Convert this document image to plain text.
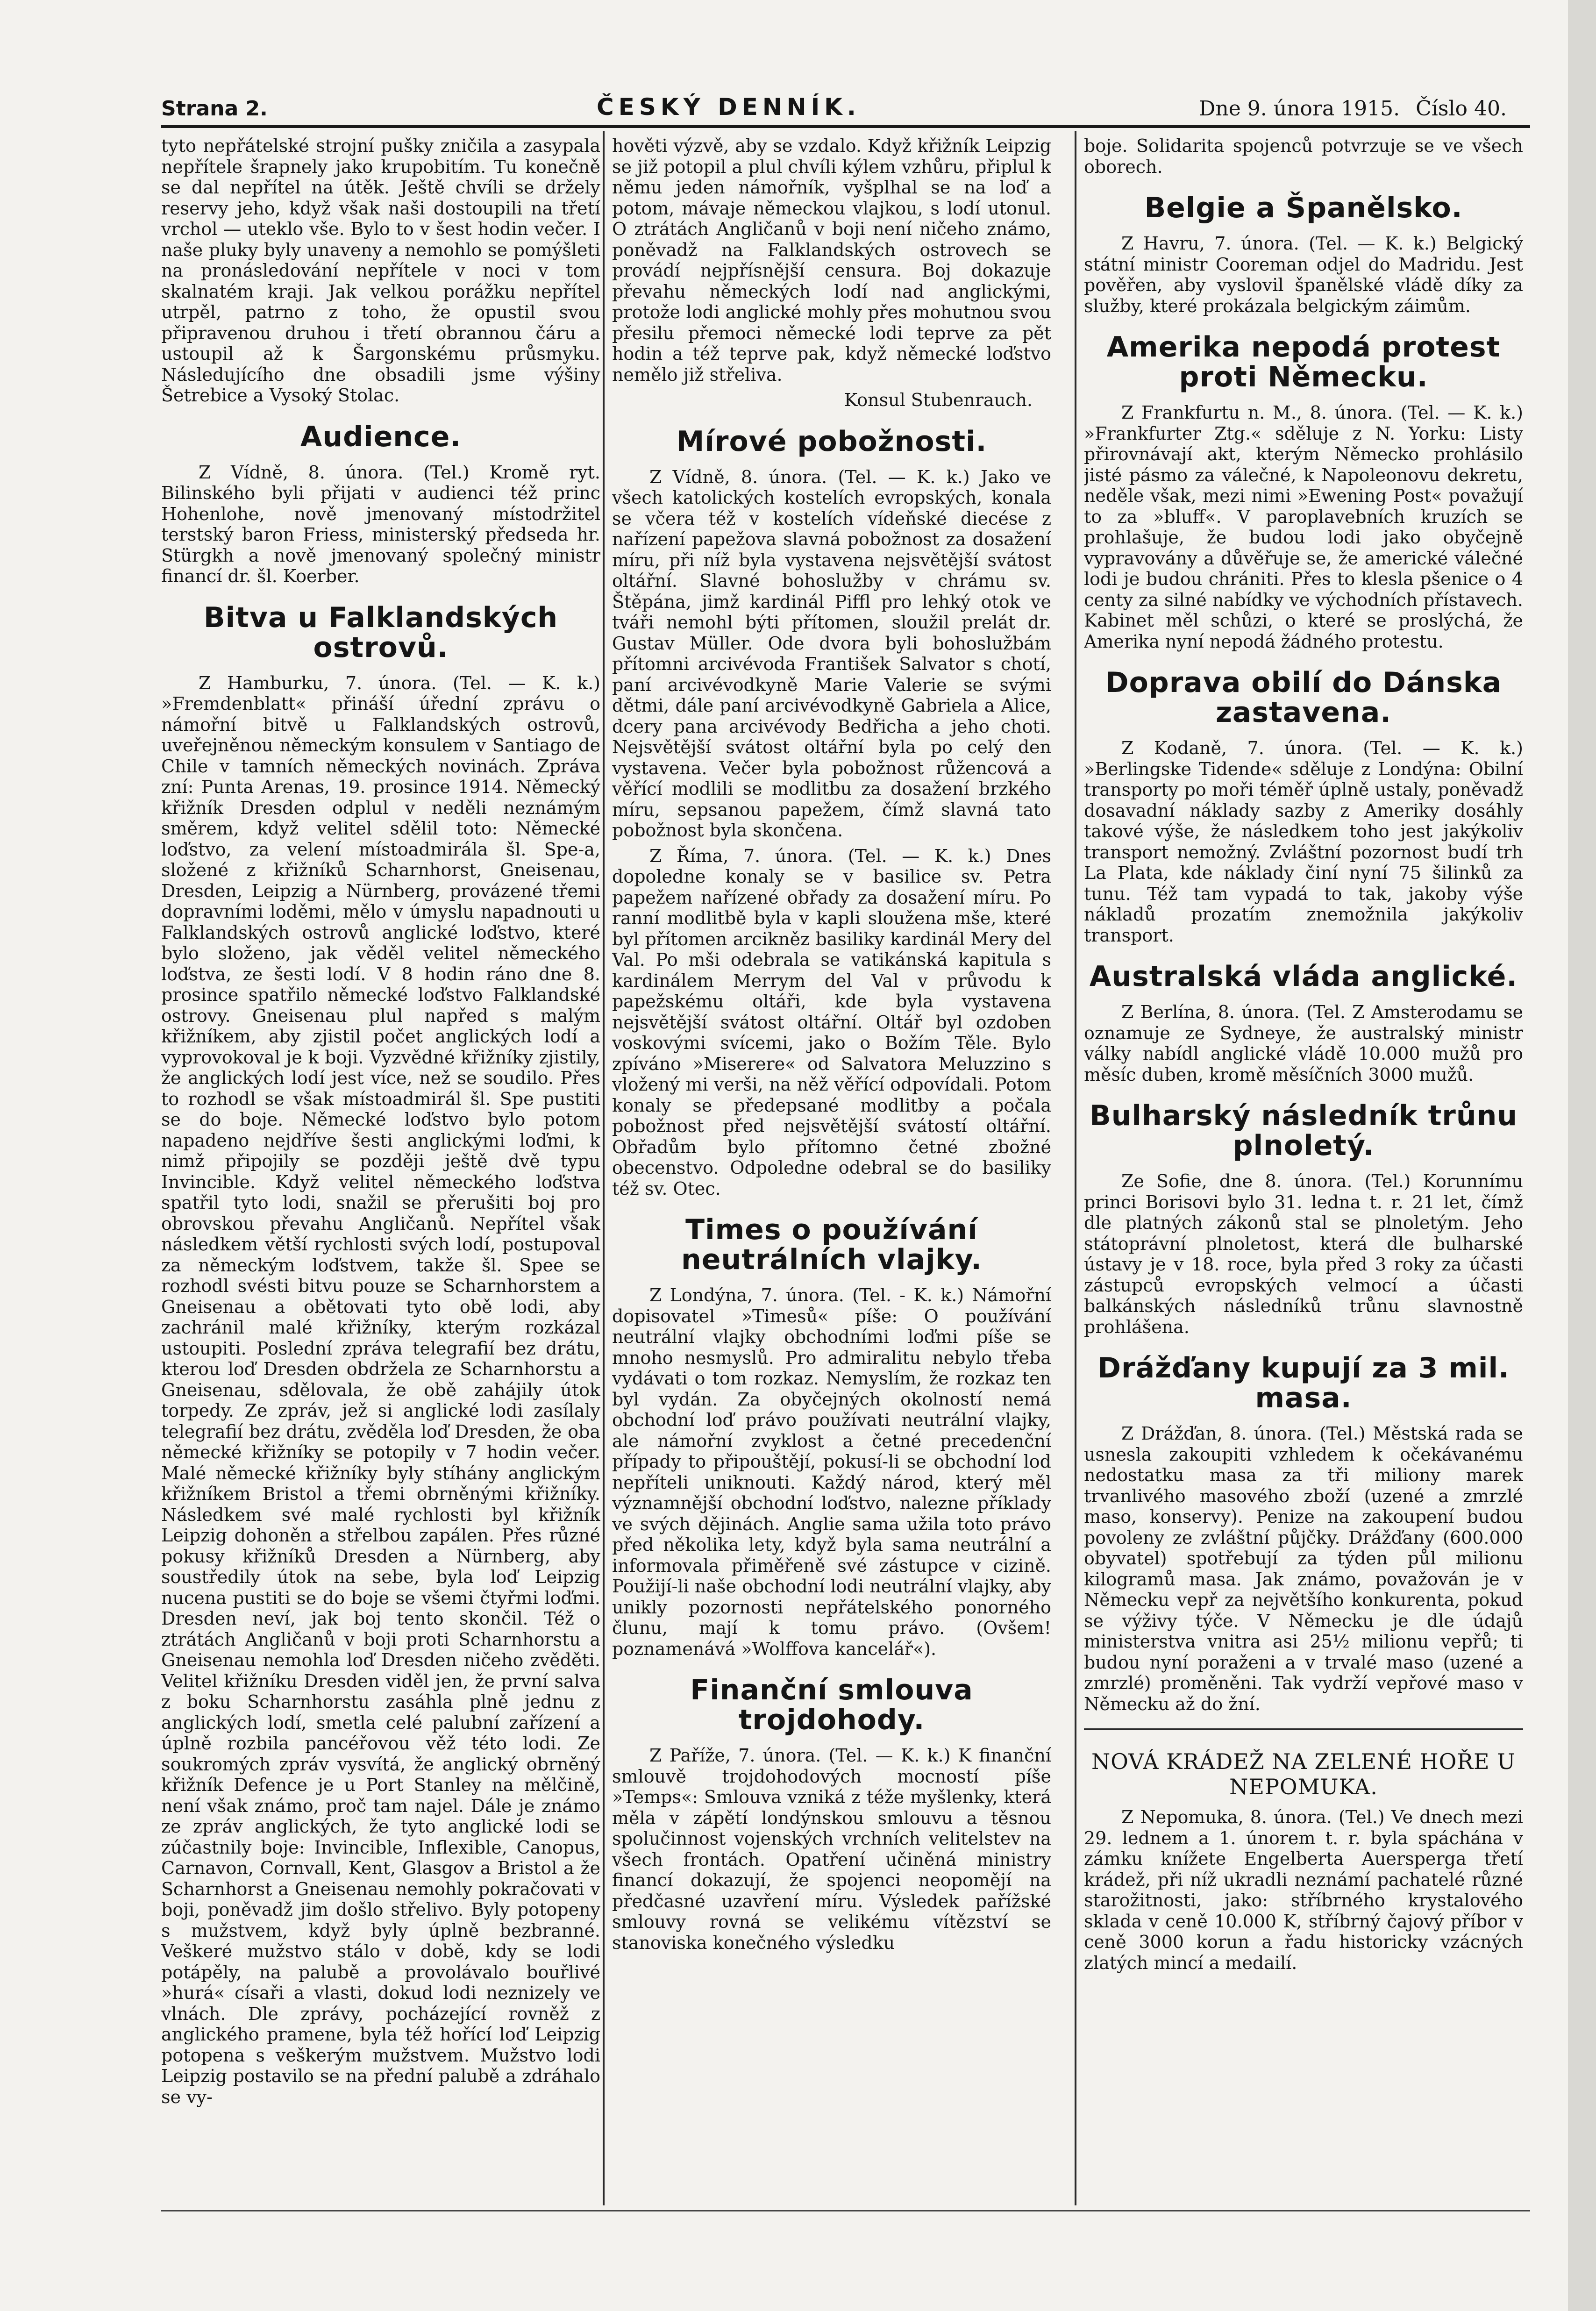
Strana 2.	ČESKÝ DENNÍK.	Dne 9. února 1915. Číslo 40.

tyto nepřátelské strojní pušky zničila a zasypala nepřítele šrapnely jako krupobitím. Tu konečně se dal nepřítel na útěk. Ještě chvíli se držely reservy jeho, když však naši dostoupili na třetí vrchol — uteklo vše. Bylo to v šest hodin večer. I naše pluky byly unaveny a nemohlo se pomýšleti na pronásledování nepřítele v noci v tom skalnatém kraji. Jak velkou porážku nepřítel utrpěl, patrno z toho, že opustil svou připravenou druhou i třetí obrannou čáru a ustoupil až k Šargonskému průsmyku. Následujícího dne obsadili jsme výšiny Šetrebice a Vysoký Stolac.

Audience.

Z Vídně, 8. února. (Tel.) Kromě ryt. Bilinského byli přijati v audienci též princ Hohenlohe, nově jmenovaný místodržitel terstský baron Friess, ministerský předseda hr. Stürgkh a nově jmenovaný společný ministr financí dr. šl. Koerber.

Bitva u Falklandských ostrovů.

Z Hamburku, 7. února. (Tel. — K. k.) »Fremdenblatt« přináší úřední zprávu o námořní bitvě u Falklandských ostrovů, uveřejněnou německým konsulem v Santiago de Chile v tamních německých novinách. Zpráva zní: Punta Arenas, 19. prosince 1914. Německý křižník Dresden odplul v neděli neznámým směrem, když velitel sdělil toto: Německé loďstvo, za velení místoadmirála šl. Spe-a, složené z křižníků Scharnhorst, Gneisenau, Dresden, Leipzig a Nürnberg, provázené třemi dopravními loděmi, mělo v úmyslu napadnouti u Falklandských ostrovů anglické loďstvo, které bylo složeno, jak věděl velitel německého loďstva, ze šesti lodí. V 8 hodin ráno dne 8. prosince spatřilo německé loďstvo Falklandské ostrovy. Gneisenau plul napřed s malým křižníkem, aby zjistil počet anglických lodí a vyprovokoval je k boji. Vyzvědné křižníky zjistily, že anglických lodí jest více, než se soudilo. Přes to rozhodl se však místoadmirál šl. Spe pustiti se do boje. Německé loďstvo bylo potom napadeno nejdříve šesti anglickými loďmi, k nimž připojily se později ještě dvě typu Invincible. Když velitel německého loďstva spatřil tyto lodi, snažil se přerušiti boj pro obrovskou převahu Angličanů. Nepřítel však následkem větší rychlosti svých lodí, postupoval za německým loďstvem, takže šl. Spee se rozhodl svésti bitvu pouze se Scharnhorstem a Gneisenau a obětovati tyto obě lodi, aby zachránil malé křižníky, kterým rozkázal ustoupiti. Poslední zpráva telegrafií bez drátu, kterou loď Dresden obdržela ze Scharnhorstu a Gneisenau, sdělovala, že obě zahájily útok torpedy. Ze zpráv, jež si anglické lodi zasílaly telegrafií bez drátu, zvěděla loď Dresden, že oba německé křižníky se potopily v 7 hodin večer. Malé německé křižníky byly stíhány anglickým křižníkem Bristol a třemi obrněnými křižníky. Následkem své malé rychlosti byl křižník Leipzig dohoněn a střelbou zapálen. Přes různé pokusy křižníků Dresden a Nürnberg, aby soustředily útok na sebe, byla loď Leipzig nucena pustiti se do boje se všemi čtyřmi loďmi. Dresden neví, jak boj tento skončil. Též o ztrátách Angličanů v boji proti Scharnhorstu a Gneisenau nemohla loď Dresden ničeho zvěděti. Velitel křižníku Dresden viděl jen, že první salva z boku Scharnhorstu zasáhla plně jednu z anglických lodí, smetla celé palubní zařízení a úplně rozbila pancéřovou věž této lodi. Ze soukromých zpráv vysvítá, že anglický obrněný křižník Defence je u Port Stanley na mělčině, není však známo, proč tam najel. Dále je známo ze zpráv anglických, že tyto anglické lodi se zúčastnily boje: Invincible, Inflexible, Canopus, Carnavon, Cornvall, Kent, Glasgov a Bristol a že Scharnhorst a Gneisenau nemohly pokračovati v boji, poněvadž jim došlo střelivo. Byly potopeny s mužstvem, když byly úplně bezbranné. Veškeré mužstvo stálo v době, kdy se lodi potápěly, na palubě a provolávalo bouřlivé »hurá« císaři a vlasti, dokud lodi neznizely ve vlnách. Dle zprávy, pocházející rovněž z anglického pramene, byla též hořící loď Leipzig potopena s veškerým mužstvem. Mužstvo lodi Leipzig postavilo se na přední palubě a zdráhalo se vy-

hověti výzvě, aby se vzdalo. Když křižník Leipzig se již potopil a plul chvíli kýlem vzhůru, připlul k němu jeden námořník, vyšplhal se na loď a potom, mávaje německou vlajkou, s lodí utonul. O ztrátách Angličanů v boji není ničeho známo, poněvadž na Falklandských ostrovech se provádí nejpřísnější censura. Boj dokazuje převahu německých lodí nad anglickými, protože lodi anglické mohly přes mohutnou svou přesilu přemoci německé lodi teprve za pět hodin a též teprve pak, když německé loďstvo nemělo již střeliva.

Konsul Stubenrauch.

Mírové pobožnosti.

Z Vídně, 8. února. (Tel. — K. k.) Jako ve všech katolických kostelích evropských, konala se včera též v kostelích vídeňské diecése z nařízení papežova slavná pobožnost za dosažení míru, při níž byla vystavena nejsvětější svátost oltářní. Slavné bohoslužby v chrámu sv. Štěpána, jimž kardinál Piffl pro lehký otok ve tváři nemohl býti přítomen, sloužil prelát dr. Gustav Müller. Ode dvora byli bohoslužbám přítomni arcivévoda František Salvator s chotí, paní arcivévodkyně Marie Valerie se svými dětmi, dále paní arcivévodkyně Gabriela a Alice, dcery pana arcivévody Bedřicha a jeho choti. Nejsvětější svátost oltářní byla po celý den vystavena. Večer byla pobožnost růžencová a věřící modlili se modlitbu za dosažení brzkého míru, sepsanou papežem, čímž slavná tato pobožnost byla skončena.

Z Říma, 7. února. (Tel. — K. k.) Dnes dopoledne konaly se v basilice sv. Petra papežem nařízené obřady za dosažení míru. Po ranní modlitbě byla v kapli sloužena mše, které byl přítomen arcikněz basiliky kardinál Mery del Val. Po mši odebrala se vatikánská kapitula s kardinálem Merrym del Val v průvodu k papežskému oltáři, kde byla vystavena nejsvětější svátost oltářní. Oltář byl ozdoben voskovými svícemi, jako o Božím Těle. Bylo zpíváno »Miserere« od Salvatora Meluzzino s vložený mi verši, na něž věřící odpovídali. Potom konaly se předepsané modlitby a počala pobožnost před nejsvětější svátostí oltářní. Obřadům bylo přítomno četné zbožné obecenstvo. Odpoledne odebral se do basiliky též sv. Otec.

Times o používání neutrálních vlajky.

Z Londýna, 7. února. (Tel. - K. k.) Námořní dopisovatel »Timesů« píše: O používání neutrální vlajky obchodními loďmi píše se mnoho nesmyslů. Pro admiralitu nebylo třeba vydávati o tom rozkaz. Nemyslím, že rozkaz ten byl vydán. Za obyčejných okolností nemá obchodní loď právo používati neutrální vlajky, ale námořní zvyklost a četné precedenční případy to připouštějí, pokusí-li se obchodní loď nepříteli uniknouti. Každý národ, který měl významnější obchodní loďstvo, naleznе příklady ve svých dějinách. Anglie sama užila toto právo před několika lety, když byla sama neutrální a informovala přiměřeně své zástupce v cizině. Použijí-li naše obchodní lodi neutrální vlajky, aby unikly pozornosti nepřátelského ponorného člunu, mají k tomu právo. (Ovšem! poznamenává »Wolffova kancelář«).

Finanční smlouva trojdohody.

Z Paříže, 7. února. (Tel. — K. k.) K finanční smlouvě trojdohodových mocností píše »Temps«: Smlouva vzniká z téže myšlenky, která měla v zápětí londýnskou smlouvu a těsnou spolučinnost vojenských vrchních velitelstev na všech frontách. Opatření učiněná ministry financí dokazují, že spojenci neopomějí na předčasné uzavření míru. Výsledek pařížské smlouvy rovná se velikému vítězství se stanoviska konečného výsledku

boje. Solidarita spojenců potvrzuje se ve všech oborech.

Belgie a Španělsko.

Z Havru, 7. února. (Tel. — K. k.) Belgický státní ministr Cooreman odjel do Madridu. Jest pověřen, aby vyslovil španělské vládě díky za služby, které prokázala belgickým záimům.

Amerika nepodá protest proti Německu.

Z Frankfurtu n. M., 8. února. (Tel. — K. k.) »Frankfurter Ztg.« sděluje z N. Yorku: Listy přirovnávají akt, kterým Německo prohlásilo jisté pásmo za válečné, k Napoleonovu dekretu, neděle však, mezi nimi »Ewening Post« považují to za »bluff«. V paroplavebních kruzích se prohlašuje, že budou lodi jako obyčejně vypravovány a důvěřuje se, že americké válečné lodi je budou chrániti. Přes to klesla pšenice o 4 centy za silné nabídky ve východních přístavech. Kabinet měl schůzi, o které se proslýchá, že Amerika nyní nepodá žádného protestu.

Doprava obilí do Dánska zastavena.

Z Kodaně, 7. února. (Tel. — K. k.) »Berlingske Tidende« sděluje z Londýna: Obilní transporty po moři téměř úplně ustaly, poněvadž dosavadní náklady sazby z Ameriky dosáhly takové výše, že následkem toho jest jakýkoliv transport nemožný. Zvláštní pozornost budí trh La Plata, kde náklady činí nyní 75 šilinků za tunu. Též tam vypadá to tak, jakoby výše nákladů prozatím znemožnila jakýkoliv transport.

Australská vláda anglické.

Z Berlína, 8. února. (Tel. Z Amsterodamu se oznamuje ze Sydneye, že australský ministr války nabídl anglické vládě 10.000 mužů pro měsíc duben, kromě měsíčních 3000 mužů.

Bulharský následník trůnu plnoletý.

Ze Sofie, dne 8. února. (Tel.) Korunnímu princi Borisovi bylo 31. ledna t. r. 21 let, čímž dle platných zákonů stal se plnoletým. Jeho státoprávní plnoletost, která dle bulharské ústavy je v 18. roce, byla před 3 roky za účasti zástupců evropských velmocí a účasti balkánských následníků trůnu slavnostně prohlášena.

Drážďany kupují za 3 mil. masa.

Z Drážďan, 8. února. (Tel.) Městská rada se usnesla zakoupiti vzhledem k očekávanému nedostatku masa za tři miliony marek trvanlivého masového zboží (uzené a zmrzlé maso, konservy). Penize na zakoupení budou povoleny ze zvláštní půjčky. Drážďany (600.000 obyvatel) spotřebují za týden půl milionu kilogramů masa. Jak známo, považován je v Německu vepř za největšího konkurenta, pokud se výživy týče. V Německu je dle údajů ministerstva vnitra asi 25½ milionu vepřů; ti budou nyní poraženi a v trvalé maso (uzené a zmrzlé) proměněni. Tak vydrží vepřové maso v Německu až do žní.

NOVÁ KRÁDEŽ NA ZELENÉ HOŘE U NEPOMUKA.

Z Nepomuka, 8. února. (Tel.) Ve dnech mezi 29. lednem a 1. únorem t. r. byla spáchána v zámku knížete Engelberta Auersperga třetí krádež, při níž ukradli neznámí pachatelé různé starožitnosti, jako: stříbrného krystalového sklada v ceně 10.000 K, stříbrný čajový příbor v ceně 3000 korun a řadu historicky vzácných zlatých mincí a medailí.
